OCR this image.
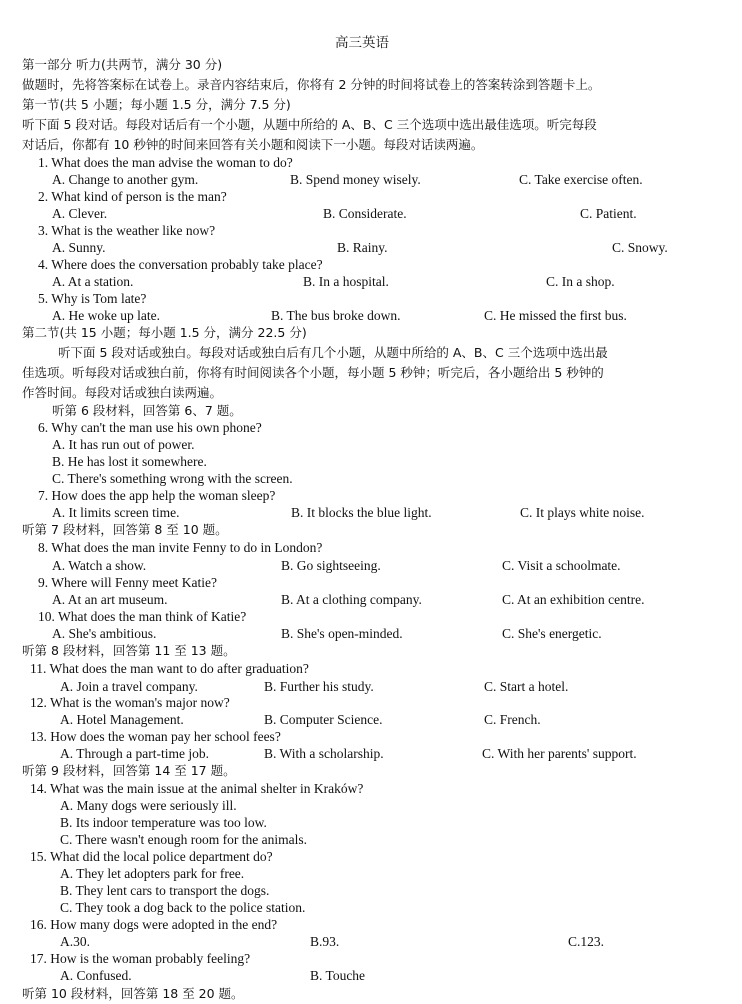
高三英语
第一部分 听力(共两节，满分 30 分)
做题时，先将答案标在试卷上。录音内容结束后，你将有 2 分钟的时间将试卷上的答案转涂到答题卡上。
第一节(共 5 小题；每小题 1.5 分，满分 7.5 分)
听下面 5 段对话。每段对话后有一个小题，从题中所给的 A、B、C 三个选项中选出最佳选项。听完每段
对话后，你都有 10 秒钟的时间来回答有关小题和阅读下一小题。每段对话读两遍。
1. What does the man advise the woman to do?
A. Change to another gym.	B. Spend money wisely.	C. Take exercise often.
2. What kind of person is the man?
A. Clever.	B. Considerate.	C. Patient.
3. What is the weather like now?
A. Sunny.	B. Rainy.	C. Snowy.
4. Where does the conversation probably take place?
A. At a station.	B. In a hospital.	C. In a shop.
5. Why is Tom late?
A. He woke up late.	B. The bus broke down.	C. He missed the first bus.
第二节(共 15 小题；每小题 1.5 分，满分 22.5 分)
听下面 5 段对话或独白。每段对话或独白后有几个小题，从题中所给的 A、B、C 三个选项中选出最
佳选项。听每段对话或独白前，你将有时间阅读各个小题，每小题 5 秒钟；听完后，各小题给出 5 秒钟的
作答时间。每段对话或独白读两遍。
听第 6 段材料，回答第 6、7 题。
6. Why can't the man use his own phone?
A. It has run out of power.
B. He has lost it somewhere.
C. There's something wrong with the screen.
7. How does the app help the woman sleep?
A. It limits screen time.	B. It blocks the blue light.	C. It plays white noise.
听第 7 段材料，回答第 8 至 10 题。
8. What does the man invite Fenny to do in London?
A. Watch a show.	B. Go sightseeing.	C. Visit a schoolmate.
9. Where will Fenny meet Katie?
A. At an art museum.	B. At a clothing company.	C. At an exhibition centre.
10. What does the man think of Katie?
A. She's ambitious.	B. She's open-minded.	C. She's energetic.
听第 8 段材料，回答第 11 至 13 题。
11. What does the man want to do after graduation?
A. Join a travel company.	B. Further his study.	C. Start a hotel.
12. What is the woman's major now?
A. Hotel Management.	B. Computer Science.	C. French.
13. How does the woman pay her school fees?
A. Through a part-time job.	B. With a scholarship.	C. With her parents' support.
听第 9 段材料，回答第 14 至 17 题。
14. What was the main issue at the animal shelter in Kraków?
A. Many dogs were seriously ill.
B. Its indoor temperature was too low.
C. There wasn't enough room for the animals.
15. What did the local police department do?
A. They let adopters park for free.
B. They lent cars to transport the dogs.
C. They took a dog back to the police station.
16. How many dogs were adopted in the end?
A.30.	B.93.	C.123.
17. How is the woman probably feeling?
A. Confused.	B. Touche
听第 10 段材料，回答第 18 至 20 题。
